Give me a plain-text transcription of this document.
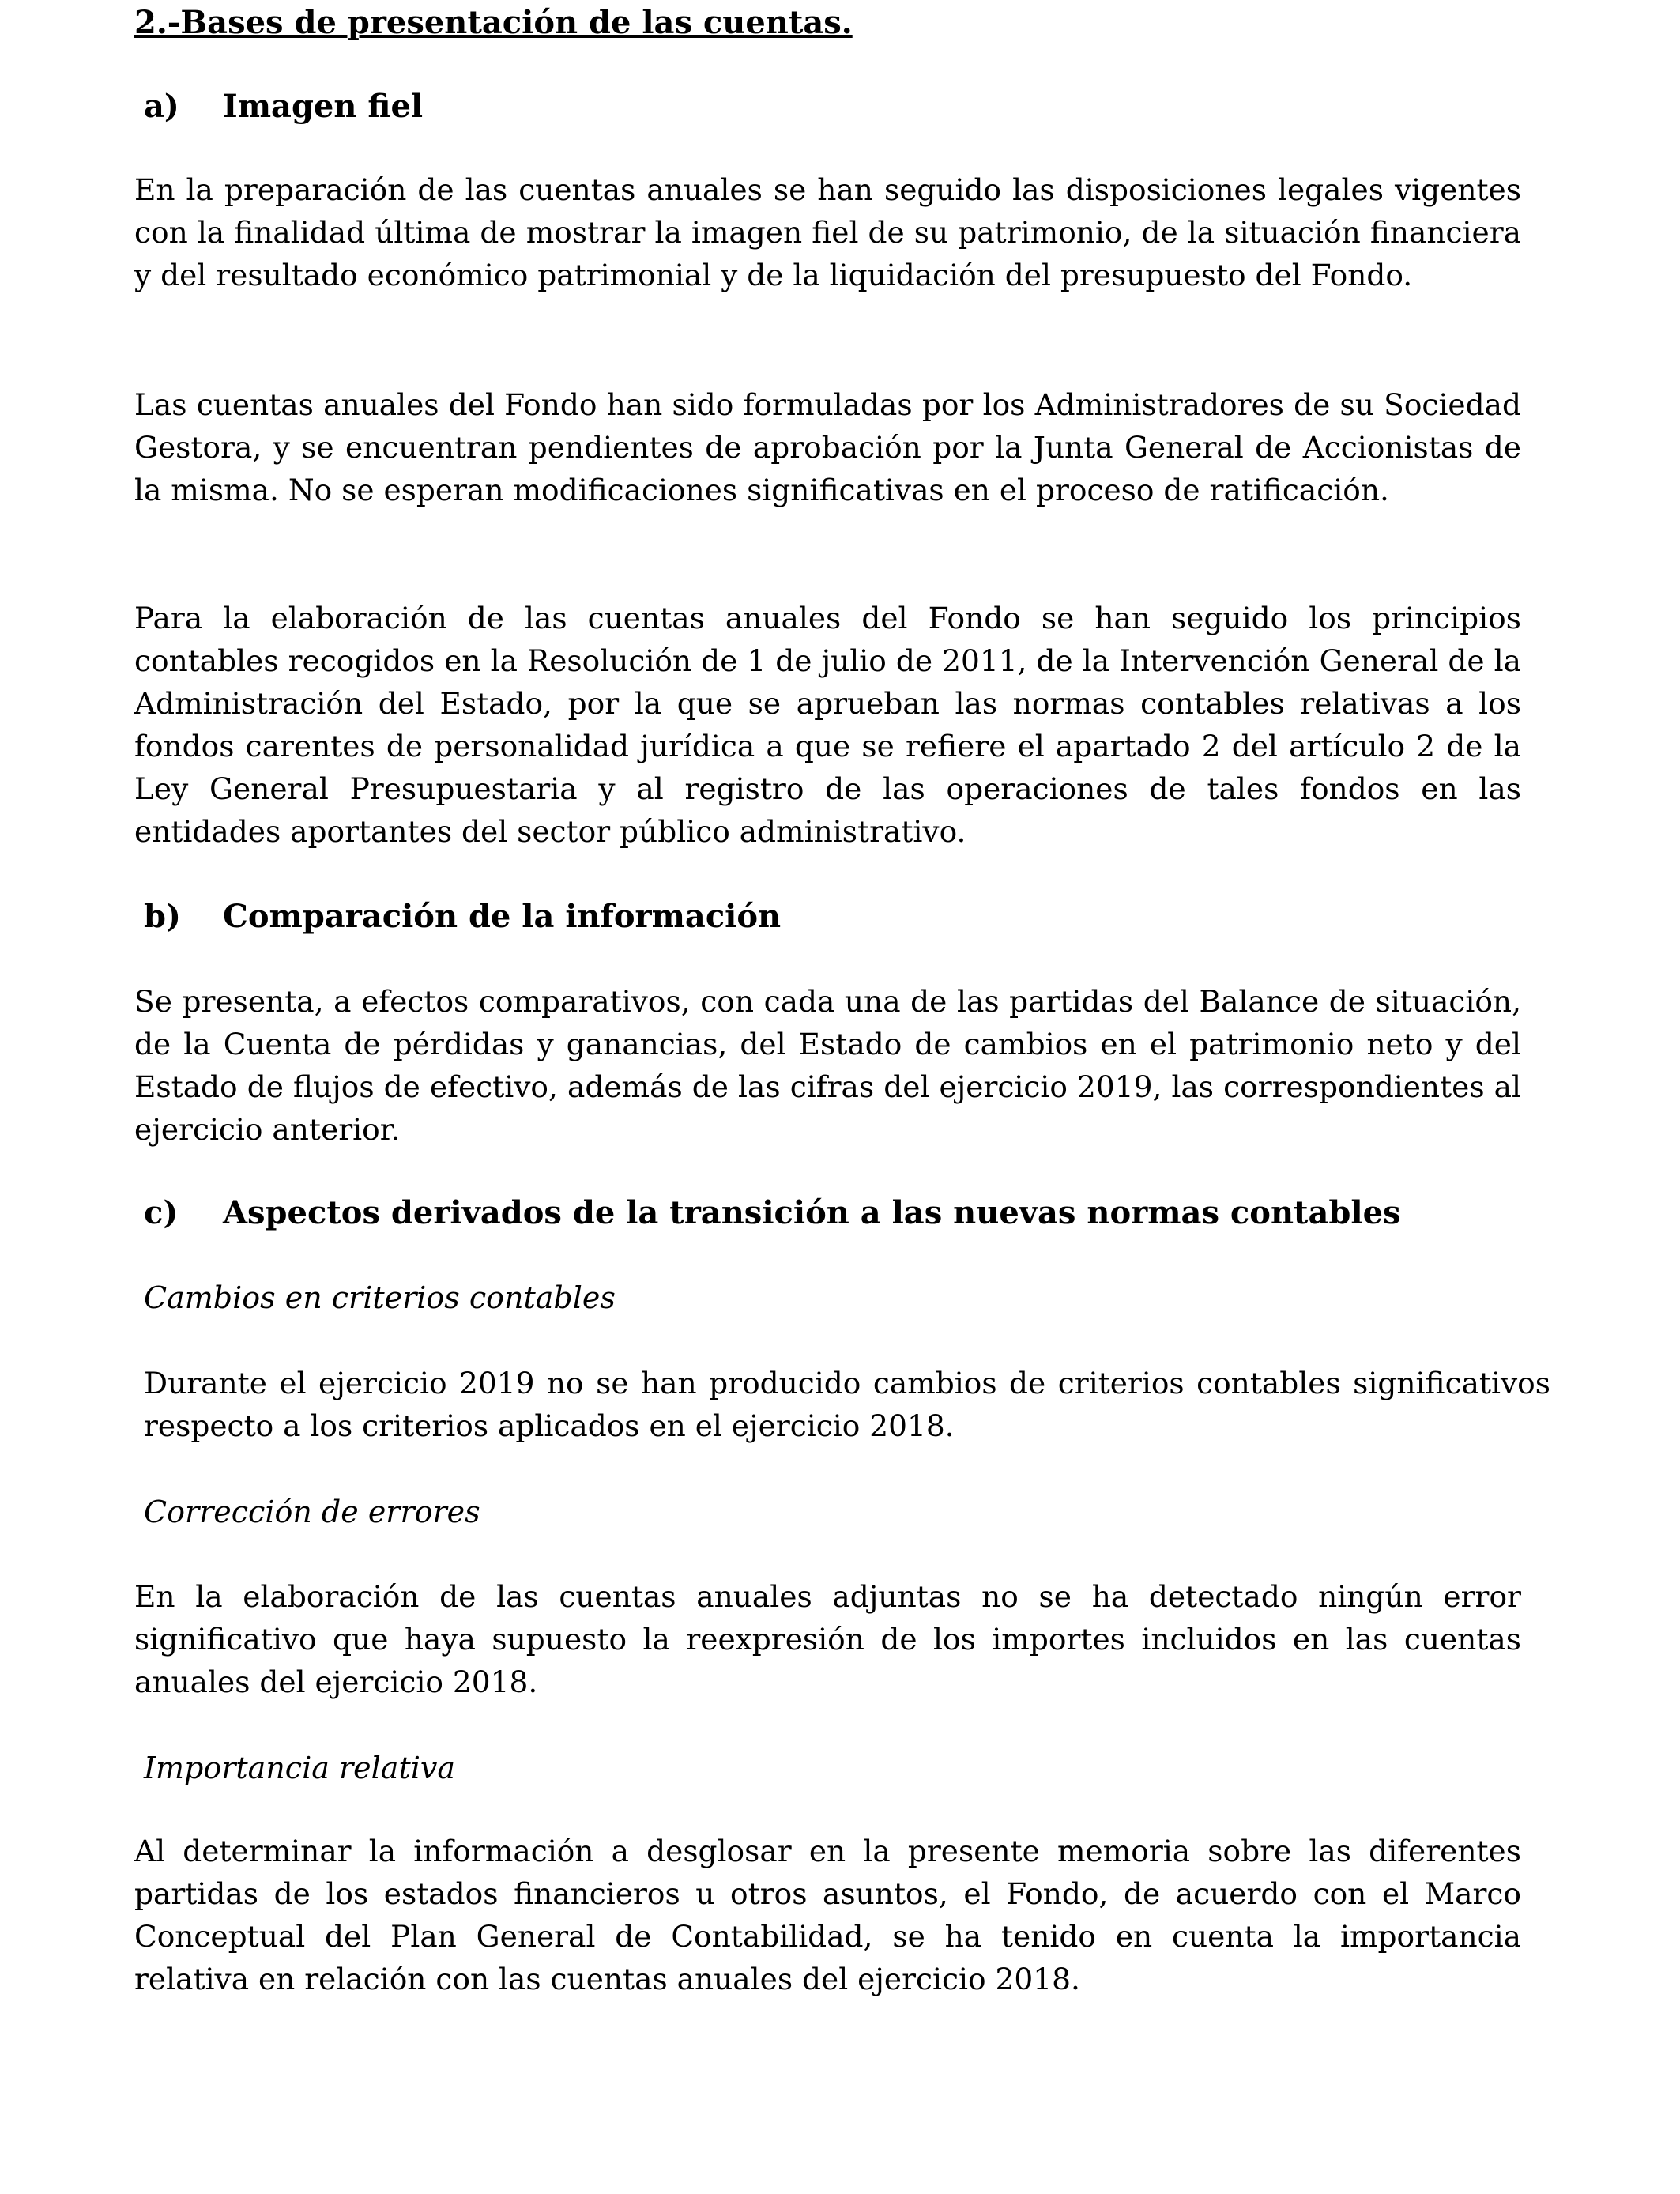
2.-Bases de presentación de las cuentas.
a) Imagen fiel

En la preparación de las cuentas anuales se han seguido las disposiciones legales vigentes con la finalidad última de mostrar la imagen fiel de su patrimonio, de la situación financiera y del resultado económico patrimonial y de la liquidación del presupuesto del Fondo.

Las cuentas anuales del Fondo han sido formuladas por los Administradores de su Sociedad Gestora, y se encuentran pendientes de aprobación por la Junta General de Accionistas de la misma. No se esperan modificaciones significativas en el proceso de ratificación.

Para la elaboración de las cuentas anuales del Fondo se han seguido los principios contables recogidos en la Resolución de 1 de julio de 2011, de la Intervención General de la Administración del Estado, por la que se aprueban las normas contables relativas a los fondos carentes de personalidad jurídica a que se refiere el apartado 2 del artículo 2 de la Ley General Presupuestaria y al registro de las operaciones de tales fondos en las entidades aportantes del sector público administrativo.

b) Comparación de la información

Se presenta, a efectos comparativos, con cada una de las partidas del Balance de situación, de la Cuenta de pérdidas y ganancias, del Estado de cambios en el patrimonio neto y del Estado de flujos de efectivo, además de las cifras del ejercicio 2019, las correspondientes al ejercicio anterior.

c) Aspectos derivados de la transición a las nuevas normas contables
Cambios en criterios contables

Durante el ejercicio 2019 no se han producido cambios de criterios contables significativos respecto a los criterios aplicados en el ejercicio 2018.

Corrección de errores

En la elaboración de las cuentas anuales adjuntas no se ha detectado ningún error significativo que haya supuesto la reexpresión de los importes incluidos en las cuentas anuales del ejercicio 2018.

Importancia relativa

Al determinar la información a desglosar en la presente memoria sobre las diferentes partidas de los estados financieros u otros asuntos, el Fondo, de acuerdo con el Marco Conceptual del Plan General de Contabilidad, se ha tenido en cuenta la importancia relativa en relación con las cuentas anuales del ejercicio 2018.
